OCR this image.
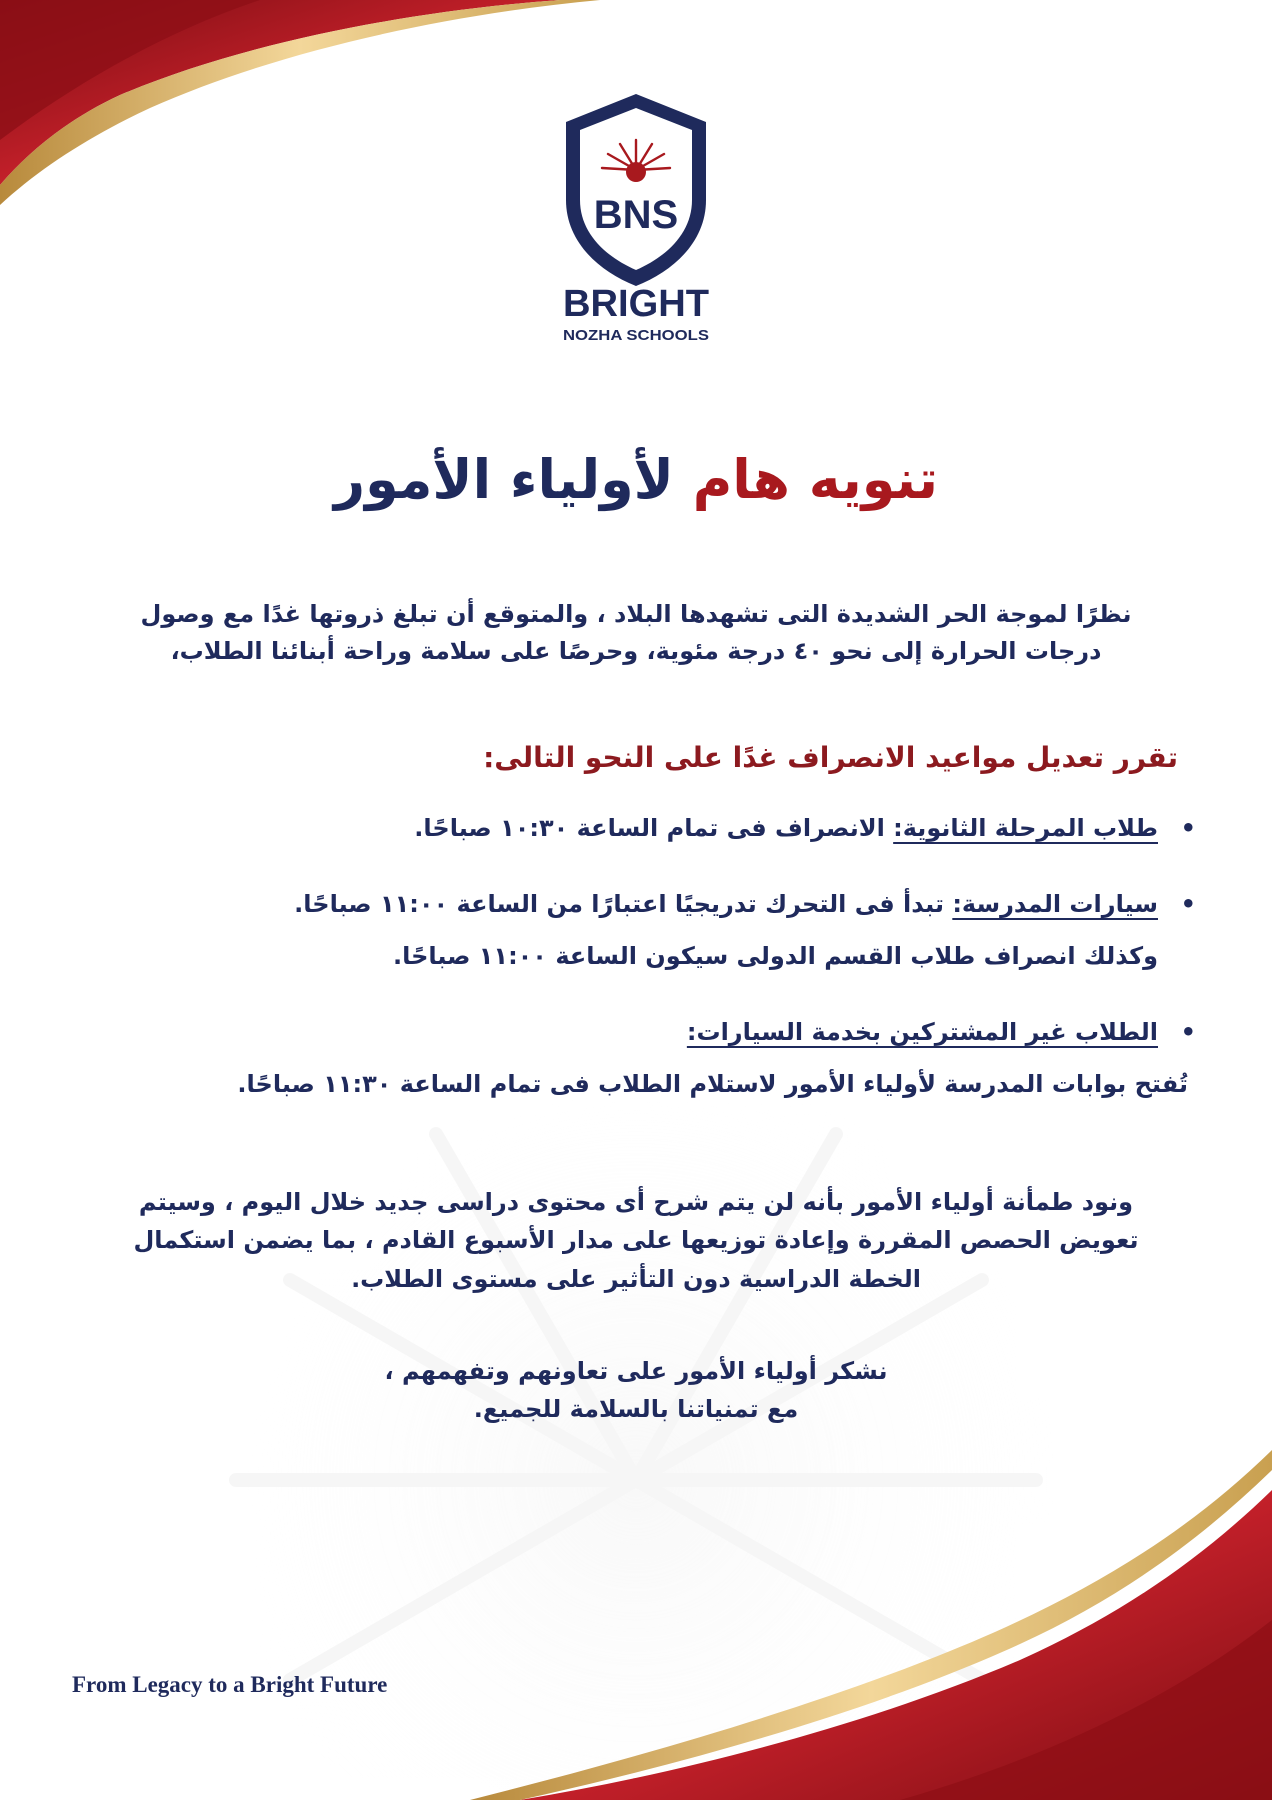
BNS
BRIGHT
NOZHA SCHOOLS
تنويه هام لأولياء الأمور

نظرًا لموجة الحر الشديدة التى تشهدها البلاد ، والمتوقع أن تبلغ ذروتها غدًا مع وصول
درجات الحرارة إلى نحو ٤٠ درجة مئوية، وحرصًا على سلامة وراحة أبنائنا الطلاب،

تقرر تعديل مواعيد الانصراف غدًا على النحو التالى:

• طلاب المرحلة الثانوية: الانصراف فى تمام الساعة ١٠:٣٠ صباحًا.

• سيارات المدرسة: تبدأ فى التحرك تدريجيًا اعتبارًا من الساعة ١١:٠٠ صباحًا.

وكذلك انصراف طلاب القسم الدولى سيكون الساعة ١١:٠٠ صباحًا.

• الطلاب غير المشتركين بخدمة السيارات:

تُفتح بوابات المدرسة لأولياء الأمور لاستلام الطلاب فى تمام الساعة ١١:٣٠ صباحًا.

ونود طمأنة أولياء الأمور بأنه لن يتم شرح أى محتوى دراسى جديد خلال اليوم ، وسيتم
تعويض الحصص المقررة وإعادة توزيعها على مدار الأسبوع القادم ، بما يضمن استكمال
الخطة الدراسية دون التأثير على مستوى الطلاب.

نشكر أولياء الأمور على تعاونهم وتفهمهم ،
مع تمنياتنا بالسلامة للجميع.

From Legacy to a Bright Future
